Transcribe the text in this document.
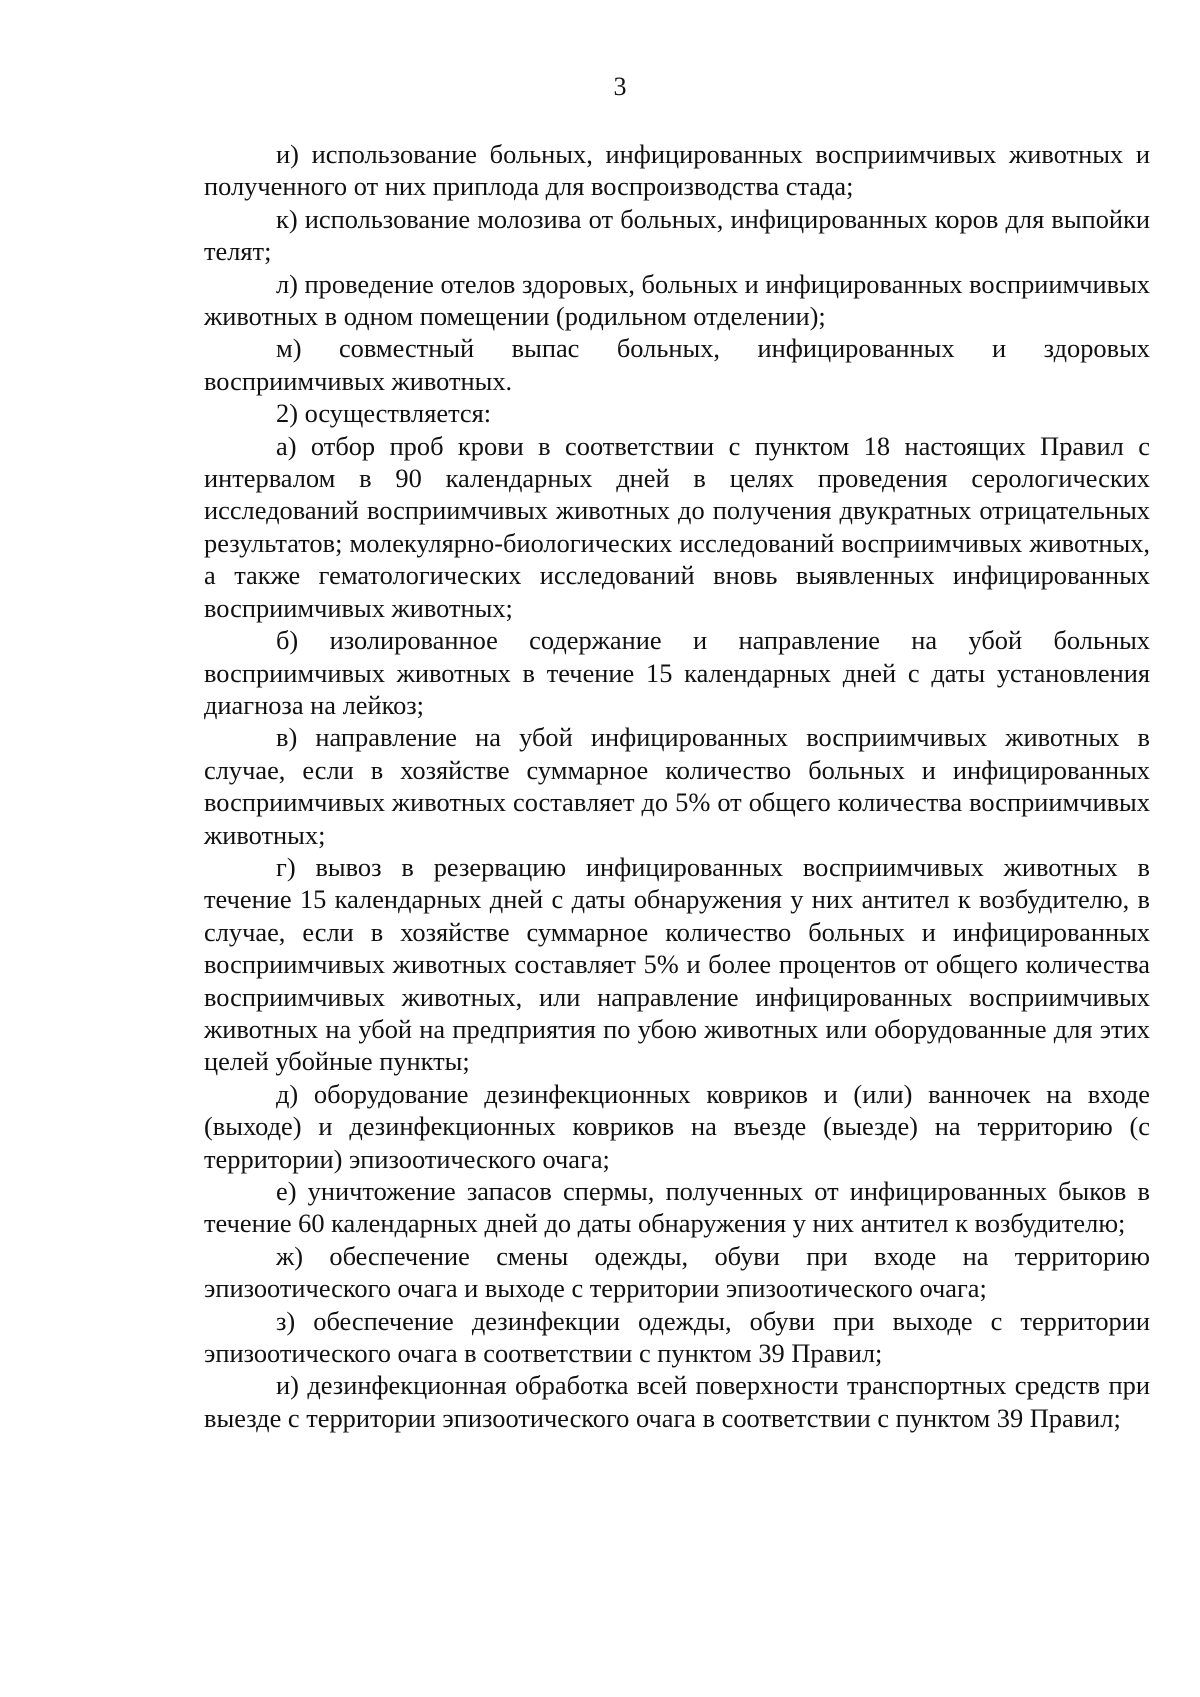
3

и) использование больных, инфицированных восприимчивых животных и полученного от них приплода для воспроизводства стада;

к) использование молозива от больных, инфицированных коров для выпойки телят;

л) проведение отелов здоровых, больных и инфицированных восприимчивых животных в одном помещении (родильном отделении);

м) совместный выпас больных, инфицированных и здоровых восприимчивых животных.

2) осуществляется:

а) отбор проб крови в соответствии с пунктом 18 настоящих Правил с интервалом в 90 календарных дней в целях проведения серологических исследований восприимчивых животных до получения двукратных отрицательных результатов; молекулярно-биологических исследований восприимчивых животных, а также гематологических исследований вновь выявленных инфицированных восприимчивых животных;

б) изолированное содержание и направление на убой больных восприимчивых животных в течение 15 календарных дней с даты установления диагноза на лейкоз;

в) направление на убой инфицированных восприимчивых животных в случае, если в хозяйстве суммарное количество больных и инфицированных восприимчивых животных составляет до 5% от общего количества восприимчивых животных;

г) вывоз в резервацию инфицированных восприимчивых животных в течение 15 календарных дней с даты обнаружения у них антител к возбудителю, в случае, если в хозяйстве суммарное количество больных и инфицированных восприимчивых животных составляет 5% и более процентов от общего количества восприимчивых животных, или направление инфицированных восприимчивых животных на убой на предприятия по убою животных или оборудованные для этих целей убойные пункты;

д) оборудование дезинфекционных ковриков и (или) ванночек на входе (выходе) и дезинфекционных ковриков на въезде (выезде) на территорию (с территории) эпизоотического очага;

е) уничтожение запасов спермы, полученных от инфицированных быков в течение 60 календарных дней до даты обнаружения у них антител к возбудителю;

ж) обеспечение смены одежды, обуви при входе на территорию эпизоотического очага и выходе с территории эпизоотического очага;

з) обеспечение дезинфекции одежды, обуви при выходе с территории эпизоотического очага в соответствии с пунктом 39 Правил;

и) дезинфекционная обработка всей поверхности транспортных средств при выезде с территории эпизоотического очага в соответствии с пунктом 39 Правил;
